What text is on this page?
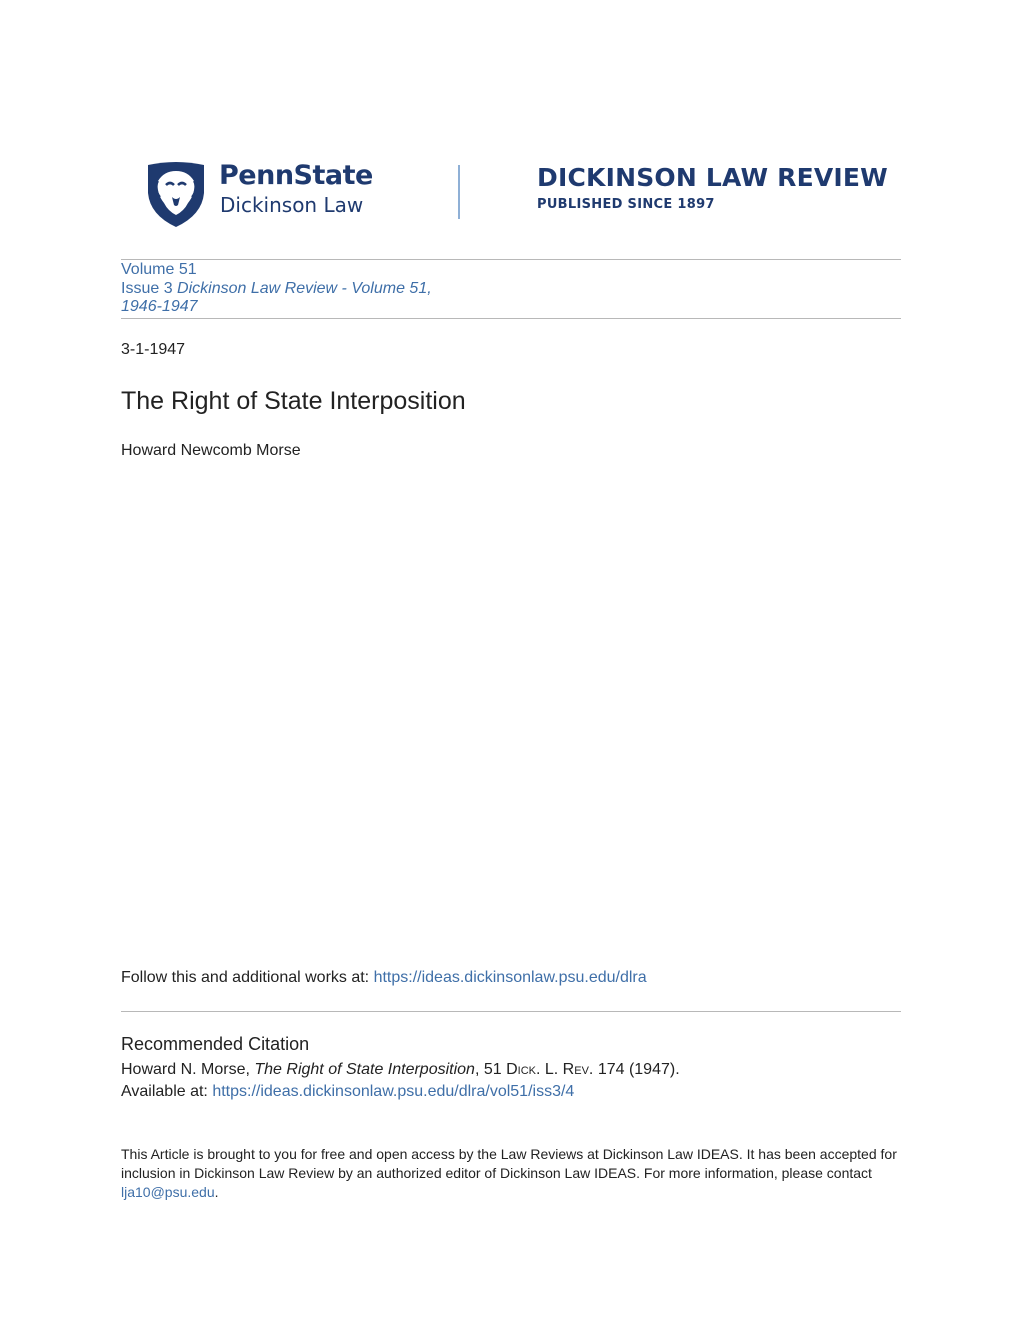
PennState
Dickinson Law
DICKINSON LAW REVIEW
PUBLISHED SINCE 1897
Volume 51
Issue 3 Dickinson Law Review - Volume 51,
1946-1947
3-1-1947
The Right of State Interposition
Howard Newcomb Morse
Follow this and additional works at: https://ideas.dickinsonlaw.psu.edu/dlra
Recommended Citation
Howard N. Morse, The Right of State Interposition, 51 Dick. L. Rev. 174 (1947).
Available at: https://ideas.dickinsonlaw.psu.edu/dlra/vol51/iss3/4
This Article is brought to you for free and open access by the Law Reviews at Dickinson Law IDEAS. It has been accepted for inclusion in Dickinson Law Review by an authorized editor of Dickinson Law IDEAS. For more information, please contact lja10@psu.edu.
